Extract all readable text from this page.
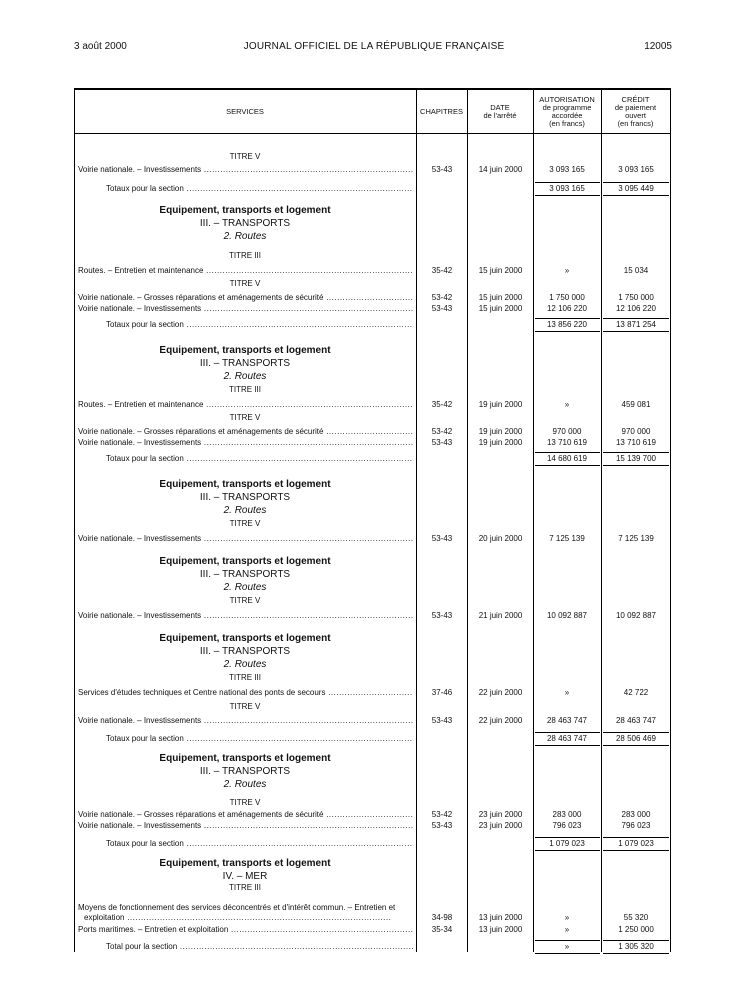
3 août 2000	JOURNAL OFFICIEL DE LA RÉPUBLIQUE FRANÇAISE	12005
SERVICES	CHAPITRES	DATE
de l'arrêté
AUTORISATION
de programme
accordée
(en francs)
CRÉDIT
de paiement
ouvert
(en francs)
TITRE V
Voirie nationale. – Investissements .....	53-43	14 juin 2000	3 093 165	3 093 165
Totaux pour la section .....	3 093 165	3 095 449
Equipement, transports et logement
III. – TRANSPORTS
2. Routes
TITRE III
Routes. – Entretien et maintenance .....	35-42	15 juin 2000	»	15 034
TITRE V
Voirie nationale. – Grosses réparations et aménagements de sécurité .....	53-42	15 juin 2000	1 750 000	1 750 000
Voirie nationale. – Investissements .....	53-43	15 juin 2000	12 106 220	12 106 220
Totaux pour la section .....	13 856 220	13 871 254
Equipement, transports et logement
III. – TRANSPORTS
2. Routes
TITRE III
Routes. – Entretien et maintenance .....	35-42	19 juin 2000	»	459 081
TITRE V
Voirie nationale. – Grosses réparations et aménagements de sécurité .....	53-42	19 juin 2000	970 000	970 000
Voirie nationale. – Investissements .....	53-43	19 juin 2000	13 710 619	13 710 619
Totaux pour la section .....	14 680 619	15 139 700
Equipement, transports et logement
III. – TRANSPORTS
2. Routes
TITRE V
Voirie nationale. – Investissements .....	53-43	20 juin 2000	7 125 139	7 125 139
Equipement, transports et logement
III. – TRANSPORTS
2. Routes
TITRE V
Voirie nationale. – Investissements .....	53-43	21 juin 2000	10 092 887	10 092 887
Equipement, transports et logement
III. – TRANSPORTS
2. Routes
TITRE III
Services d'études techniques et Centre national des ponts de secours .....	37-46	22 juin 2000	»	42 722
TITRE V
Voirie nationale. – Investissements .....	53-43	22 juin 2000	28 463 747	28 463 747
Totaux pour la section .....	28 463 747	28 506 469
Equipement, transports et logement
III. – TRANSPORTS
2. Routes
TITRE V
Voirie nationale. – Grosses réparations et aménagements de sécurité .....	53-42	23 juin 2000	283 000	283 000
Voirie nationale. – Investissements .....	53-43	23 juin 2000	796 023	796 023
Totaux pour la section .....	1 079 023	1 079 023
Equipement, transports et logement
IV. – MER
TITRE III
Moyens de fonctionnement des services déconcentrés et d'intérêt commun. – Entretien et
exploitation .....	34-98	13 juin 2000	»	55 320
Ports maritimes. – Entretien et exploitation .....	35-34	13 juin 2000	»	1 250 000
Total pour la section .....	»	1 305 320
